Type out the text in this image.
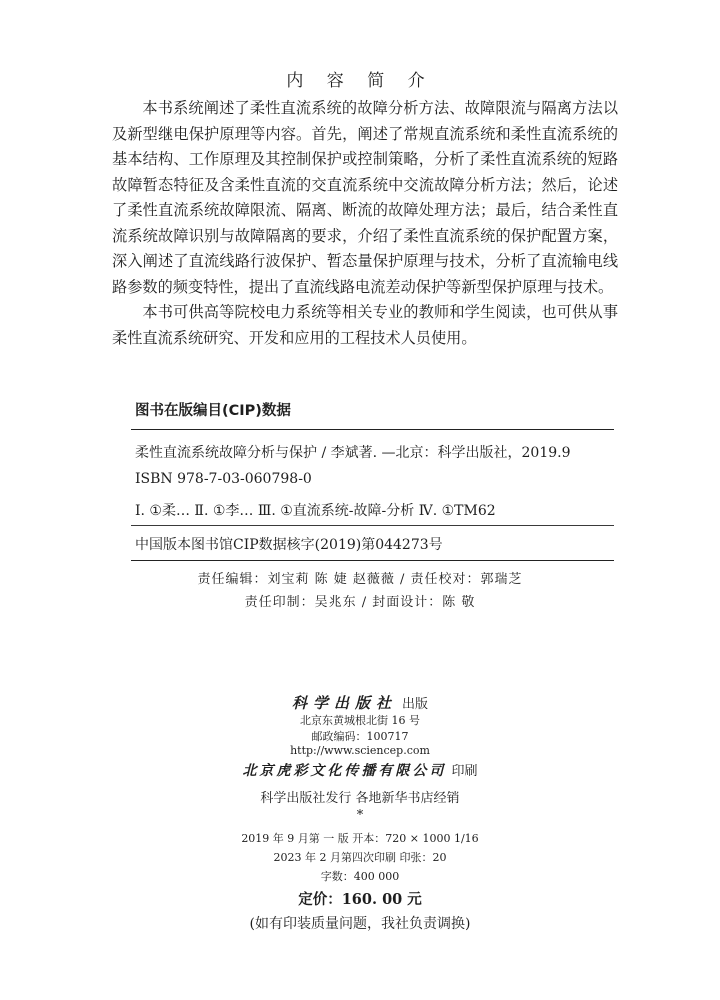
内 容 简 介

本书系统阐述了柔性直流系统的故障分析方法、故障限流与隔离方法以及新型继电保护原理等内容。首先，阐述了常规直流系统和柔性直流系统的基本结构、工作原理及其控制保护或控制策略，分析了柔性直流系统的短路故障暂态特征及含柔性直流的交直流系统中交流故障分析方法；然后，论述了柔性直流系统故障限流、隔离、断流的故障处理方法；最后，结合柔性直流系统故障识别与故障隔离的要求，介绍了柔性直流系统的保护配置方案，深入阐述了直流线路行波保护、暂态量保护原理与技术，分析了直流输电线路参数的频变特性，提出了直流线路电流差动保护等新型保护原理与技术。

本书可供高等院校电力系统等相关专业的教师和学生阅读，也可供从事柔性直流系统研究、开发和应用的工程技术人员使用。

图书在版编目(CIP)数据
柔性直流系统故障分析与保护 / 李斌著. —北京：科学出版社，2019.9
ISBN 978-7-03-060798-0
Ⅰ. ①柔… Ⅱ. ①李… Ⅲ. ①直流系统-故障-分析 Ⅳ. ①TM62
中国版本图书馆CIP数据核字(2019)第044273号
责任编辑：刘宝莉 陈 婕 赵薇薇 / 责任校对：郭瑞芝
责任印制：吴兆东 / 封面设计：陈 敬
科学出版社 出版
北京东黄城根北街 16 号
邮政编码：100717
http://www.sciencep.com
北京虎彩文化传播有限公司 印刷
科学出版社发行 各地新华书店经销
*
2019 年 9 月第 一 版 开本：720 × 1000 1/16
2023 年 2 月第四次印刷 印张：20
字数：400 000
定价：160. 00 元
(如有印装质量问题，我社负责调换)
